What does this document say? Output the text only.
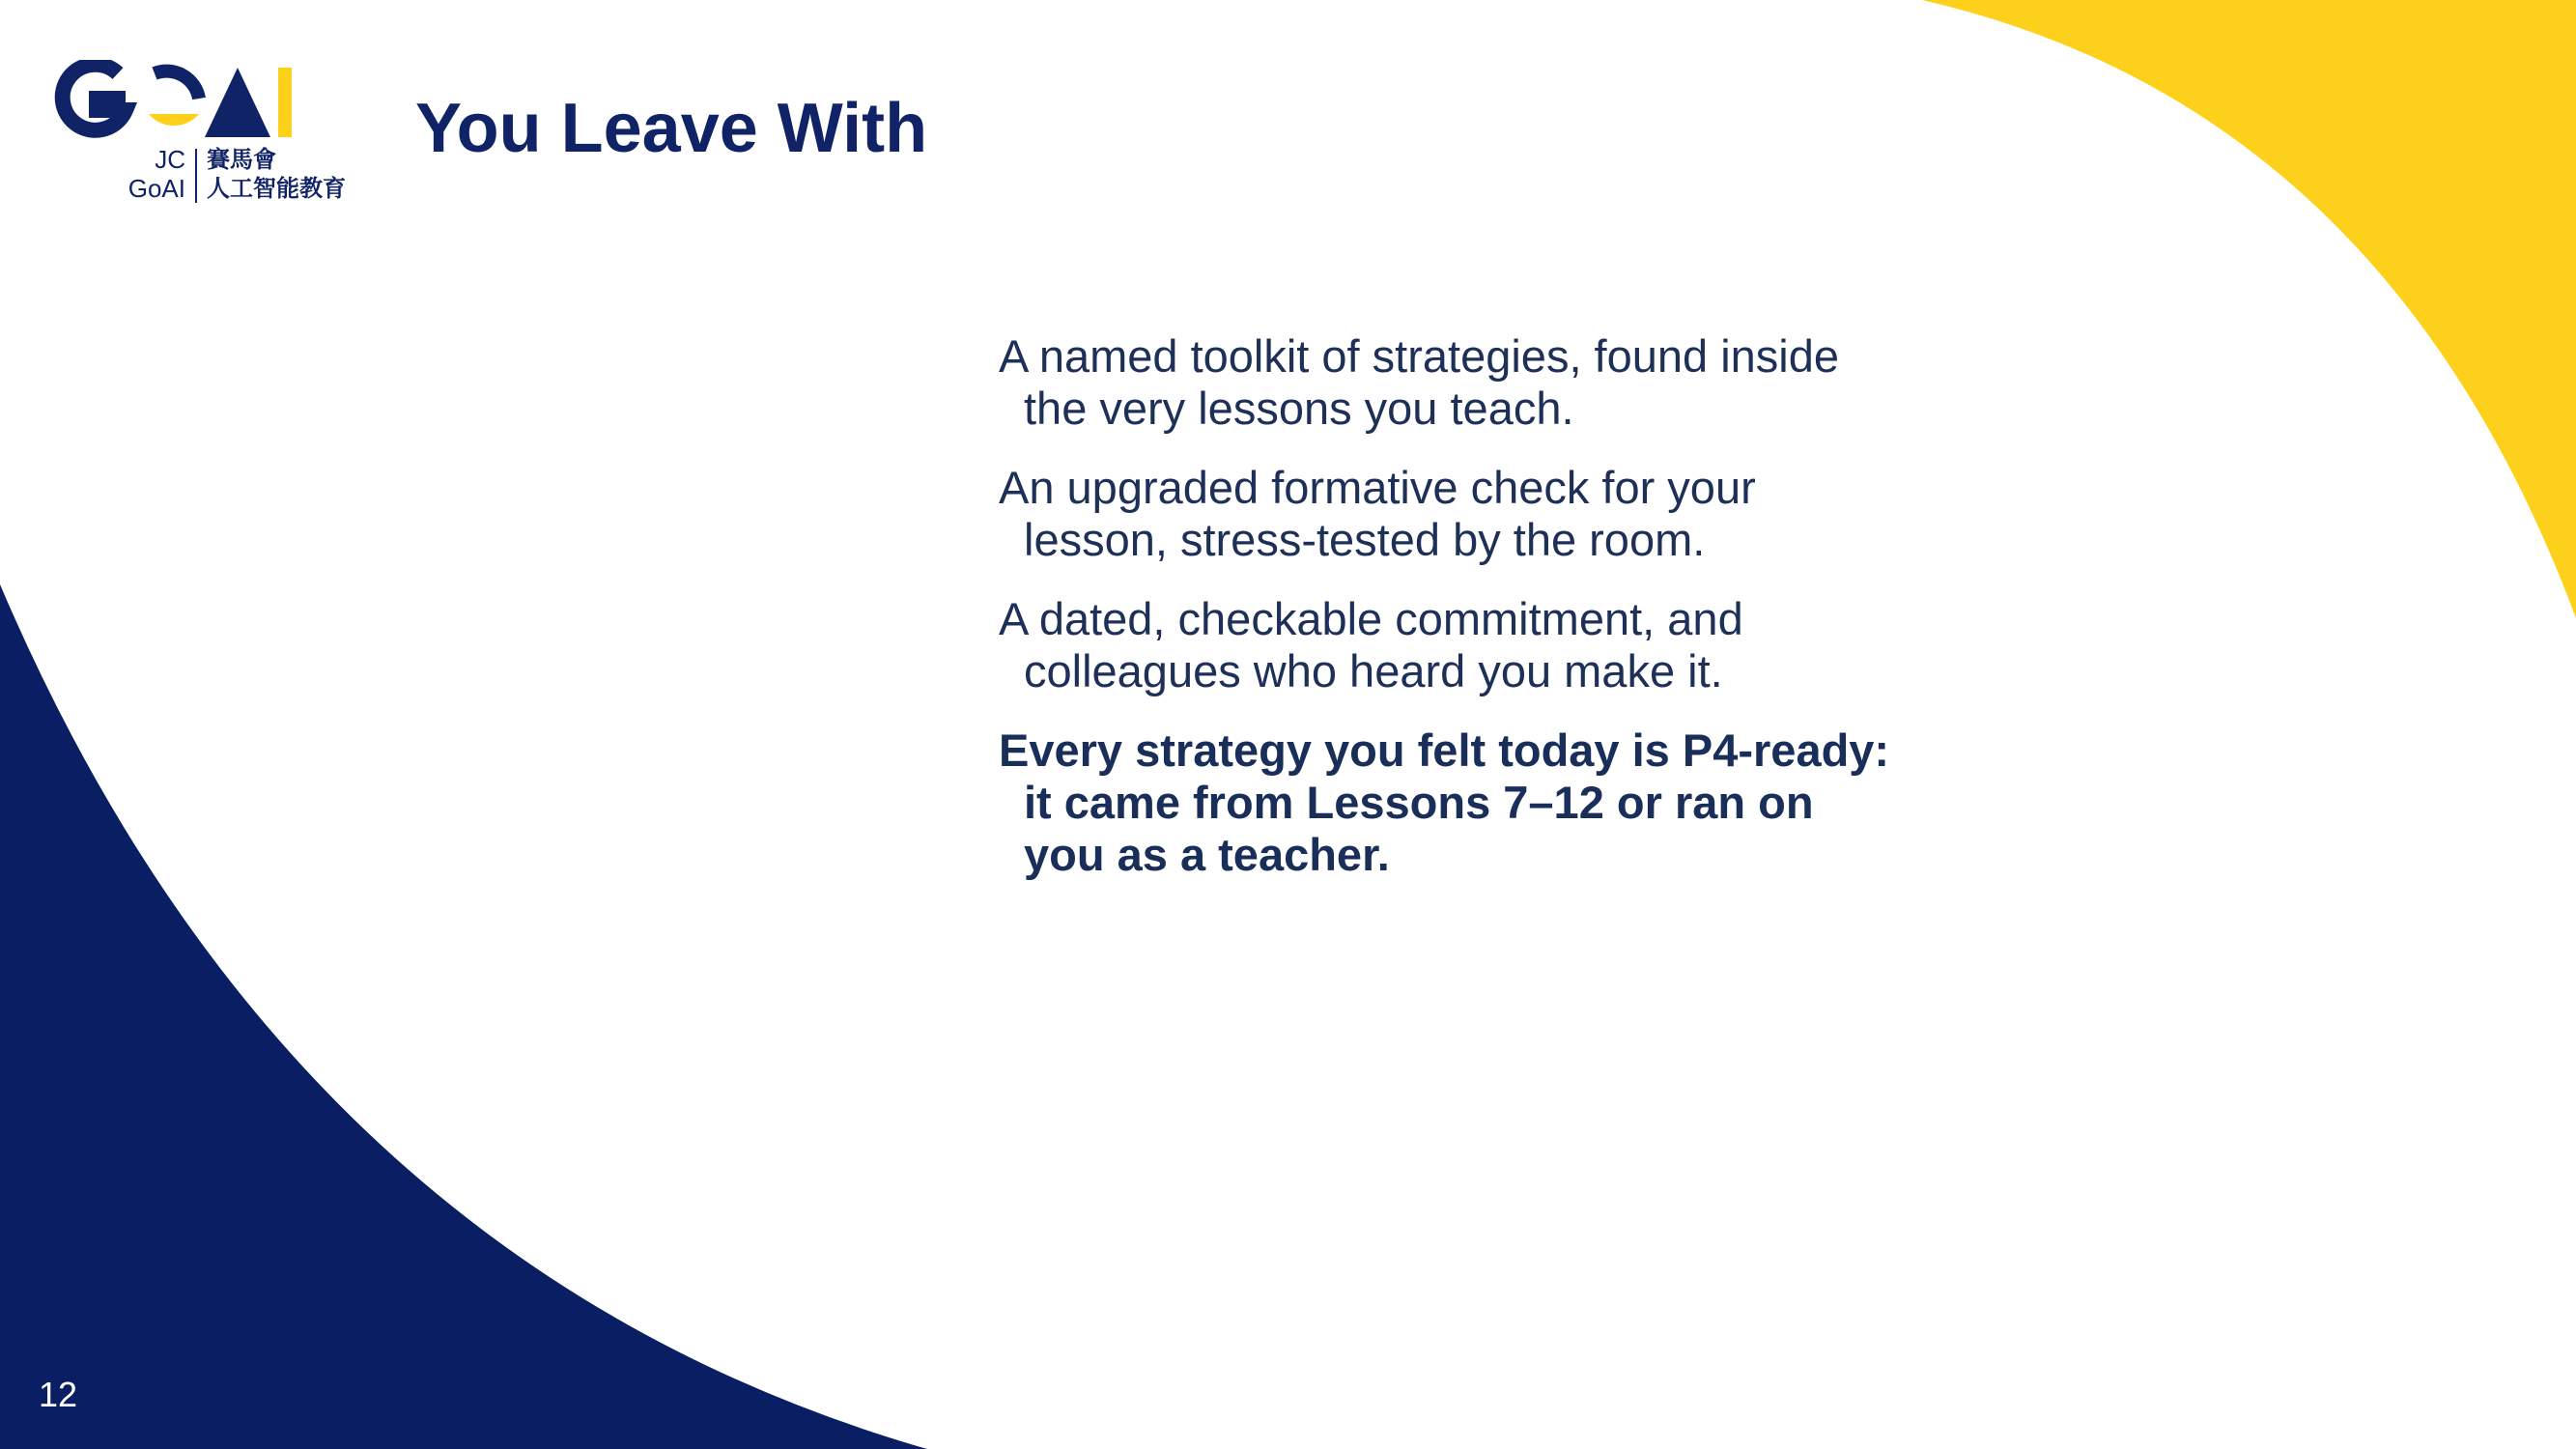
JC
GoAI
賽馬會
人工智能教育
You Leave With
A named toolkit of strategies, found inside the very lessons you teach.
An upgraded formative check for your lesson, stress-tested by the room.
A dated, checkable commitment, and colleagues who heard you make it.
Every strategy you felt today is P4-ready: it came from Lessons 7–12 or ran on you as a teacher.
12
